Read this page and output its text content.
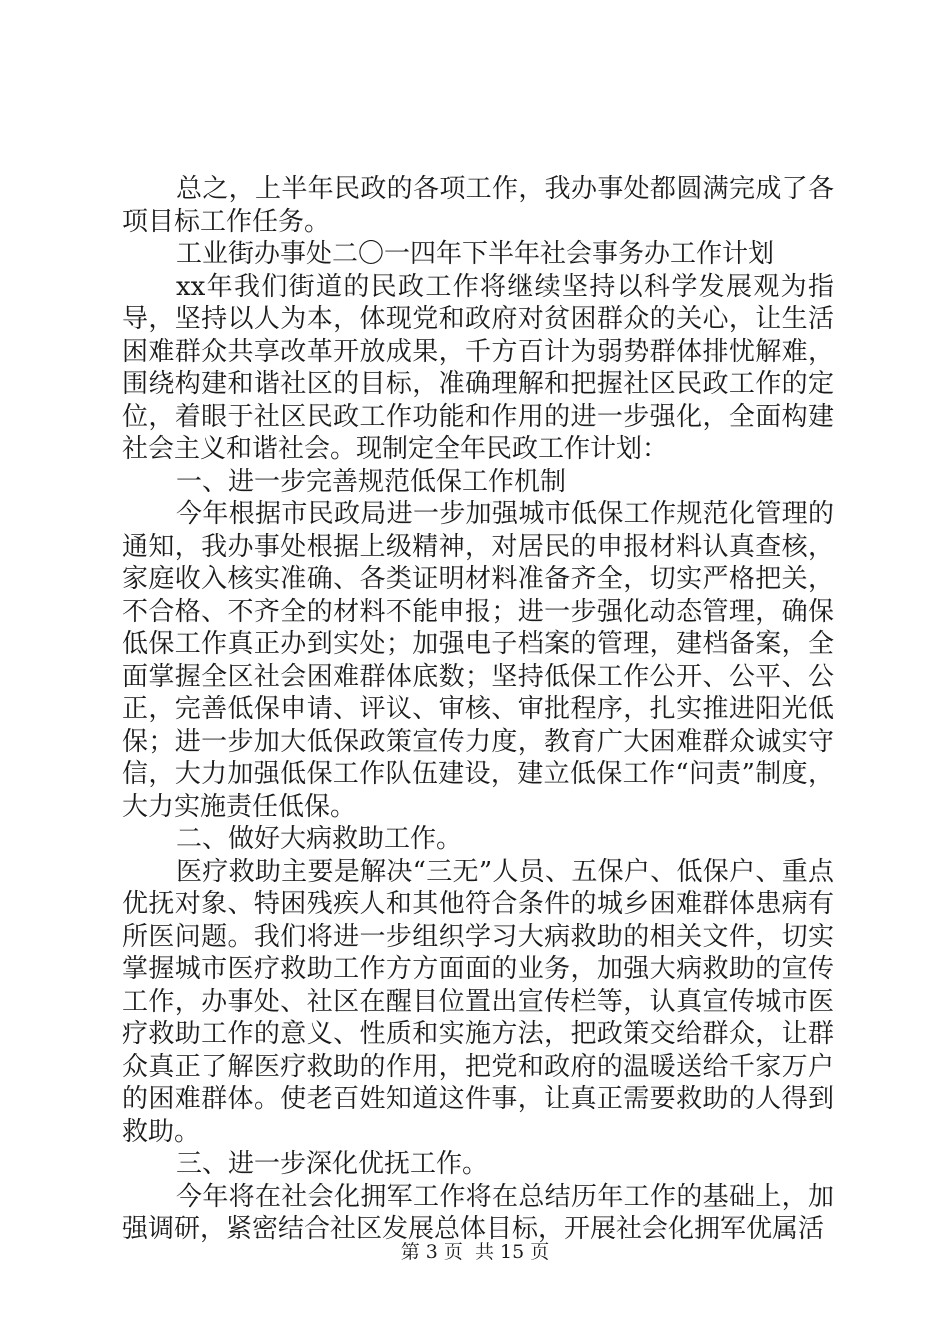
总之，上半年民政的各项工作，我办事处都圆满完成了各项目标工作任务。

工业街办事处二〇一四年下半年社会事务办工作计划

xx年我们街道的民政工作将继续坚持以科学发展观为指导，坚持以人为本，体现党和政府对贫困群众的关心，让生活困难群众共享改革开放成果，千方百计为弱势群体排忧解难，围绕构建和谐社区的目标，准确理解和把握社区民政工作的定位，着眼于社区民政工作功能和作用的进一步强化，全面构建社会主义和谐社会。现制定全年民政工作计划：

一、进一步完善规范低保工作机制

今年根据市民政局进一步加强城市低保工作规范化管理的通知，我办事处根据上级精神，对居民的申报材料认真查核，家庭收入核实准确、各类证明材料准备齐全，切实严格把关，不合格、不齐全的材料不能申报；进一步强化动态管理，确保低保工作真正办到实处；加强电子档案的管理，建档备案，全面掌握全区社会困难群体底数；坚持低保工作公开、公平、公正，完善低保申请、评议、审核、审批程序，扎实推进阳光低保；进一步加大低保政策宣传力度，教育广大困难群众诚实守信，大力加强低保工作队伍建设，建立低保工作“问责”制度，大力实施责任低保。

二、做好大病救助工作。

医疗救助主要是解决“三无”人员、五保户、低保户、重点优抚对象、特困残疾人和其他符合条件的城乡困难群体患病有所医问题。我们将进一步组织学习大病救助的相关文件，切实掌握城市医疗救助工作方方面面的业务，加强大病救助的宣传工作，办事处、社区在醒目位置出宣传栏等，认真宣传城市医疗救助工作的意义、性质和实施方法，把政策交给群众，让群众真正了解医疗救助的作用，把党和政府的温暖送给千家万户的困难群体。使老百姓知道这件事，让真正需要救助的人得到救助。

三、进一步深化优抚工作。

今年将在社会化拥军工作将在总结历年工作的基础上，加强调研，紧密结合社区发展总体目标，开展社会化拥军优属活

第 3 页  共 15 页
